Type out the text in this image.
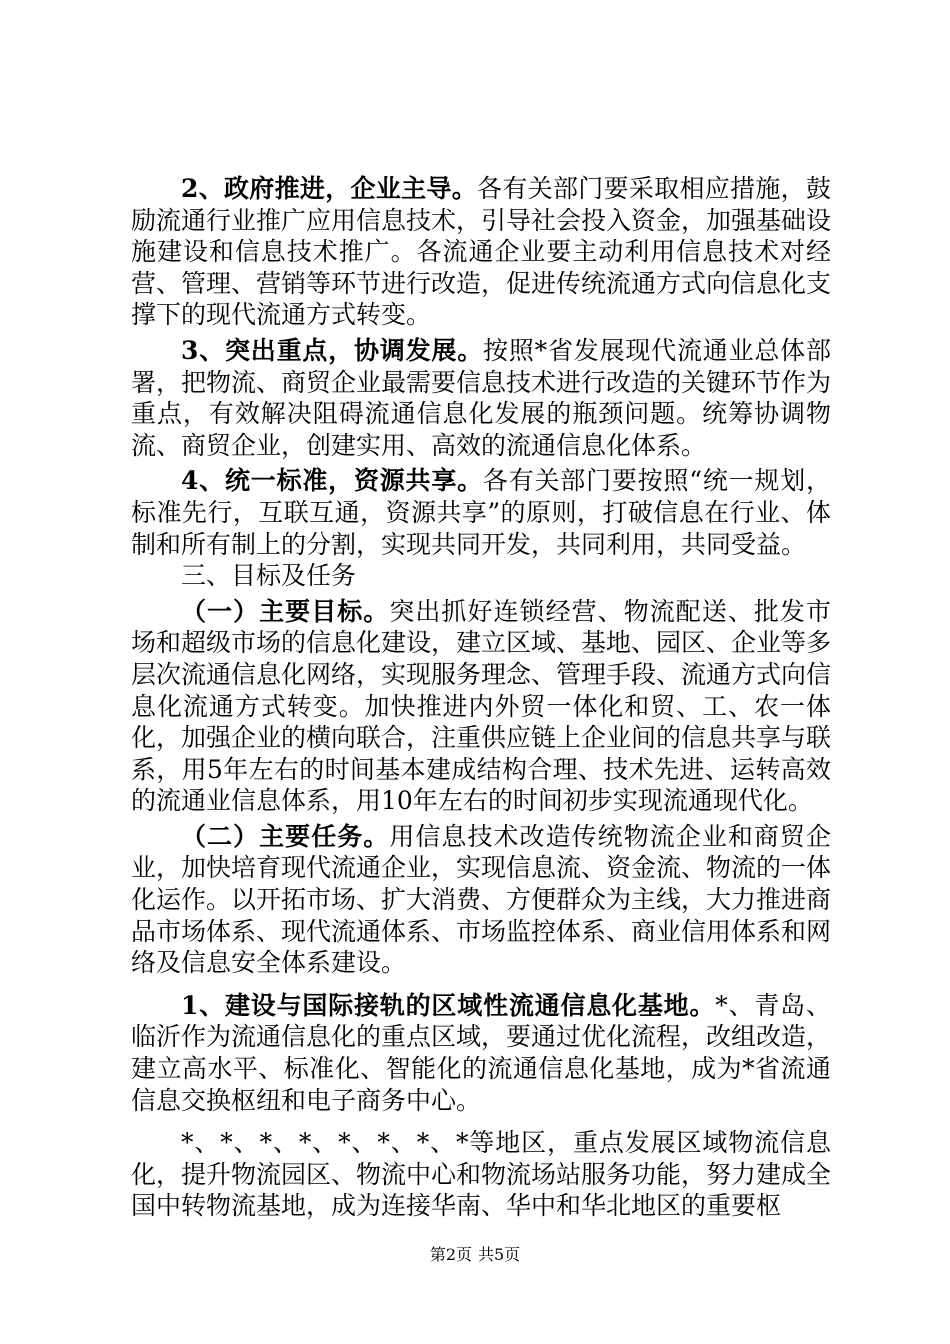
2、政府推进，企业主导。各有关部门要采取相应措施，鼓励流通行业推广应用信息技术，引导社会投入资金，加强基础设施建设和信息技术推广。各流通企业要主动利用信息技术对经营、管理、营销等环节进行改造，促进传统流通方式向信息化支撑下的现代流通方式转变。

3、突出重点，协调发展。按照*省发展现代流通业总体部署，把物流、商贸企业最需要信息技术进行改造的关键环节作为重点，有效解决阻碍流通信息化发展的瓶颈问题。统筹协调物流、商贸企业，创建实用、高效的流通信息化体系。

4、统一标准，资源共享。各有关部门要按照“统一规划，标准先行，互联互通，资源共享”的原则，打破信息在行业、体制和所有制上的分割，实现共同开发，共同利用，共同受益。

三、目标及任务

（一）主要目标。突出抓好连锁经营、物流配送、批发市场和超级市场的信息化建设，建立区域、基地、园区、企业等多层次流通信息化网络，实现服务理念、管理手段、流通方式向信息化流通方式转变。加快推进内外贸一体化和贸、工、农一体化，加强企业的横向联合，注重供应链上企业间的信息共享与联系，用5年左右的时间基本建成结构合理、技术先进、运转高效的流通业信息体系，用10年左右的时间初步实现流通现代化。

（二）主要任务。用信息技术改造传统物流企业和商贸企业，加快培育现代流通企业，实现信息流、资金流、物流的一体化运作。以开拓市场、扩大消费、方便群众为主线，大力推进商品市场体系、现代流通体系、市场监控体系、商业信用体系和网络及信息安全体系建设。

1、建设与国际接轨的区域性流通信息化基地。*、青岛、临沂作为流通信息化的重点区域，要通过优化流程，改组改造，建立高水平、标准化、智能化的流通信息化基地，成为*省流通信息交换枢纽和电子商务中心。

*、*、*、*、*、*、*、*等地区，重点发展区域物流信息化，提升物流园区、物流中心和物流场站服务功能，努力建成全国中转物流基地，成为连接华南、华中和华北地区的重要枢

第2页 共5页
